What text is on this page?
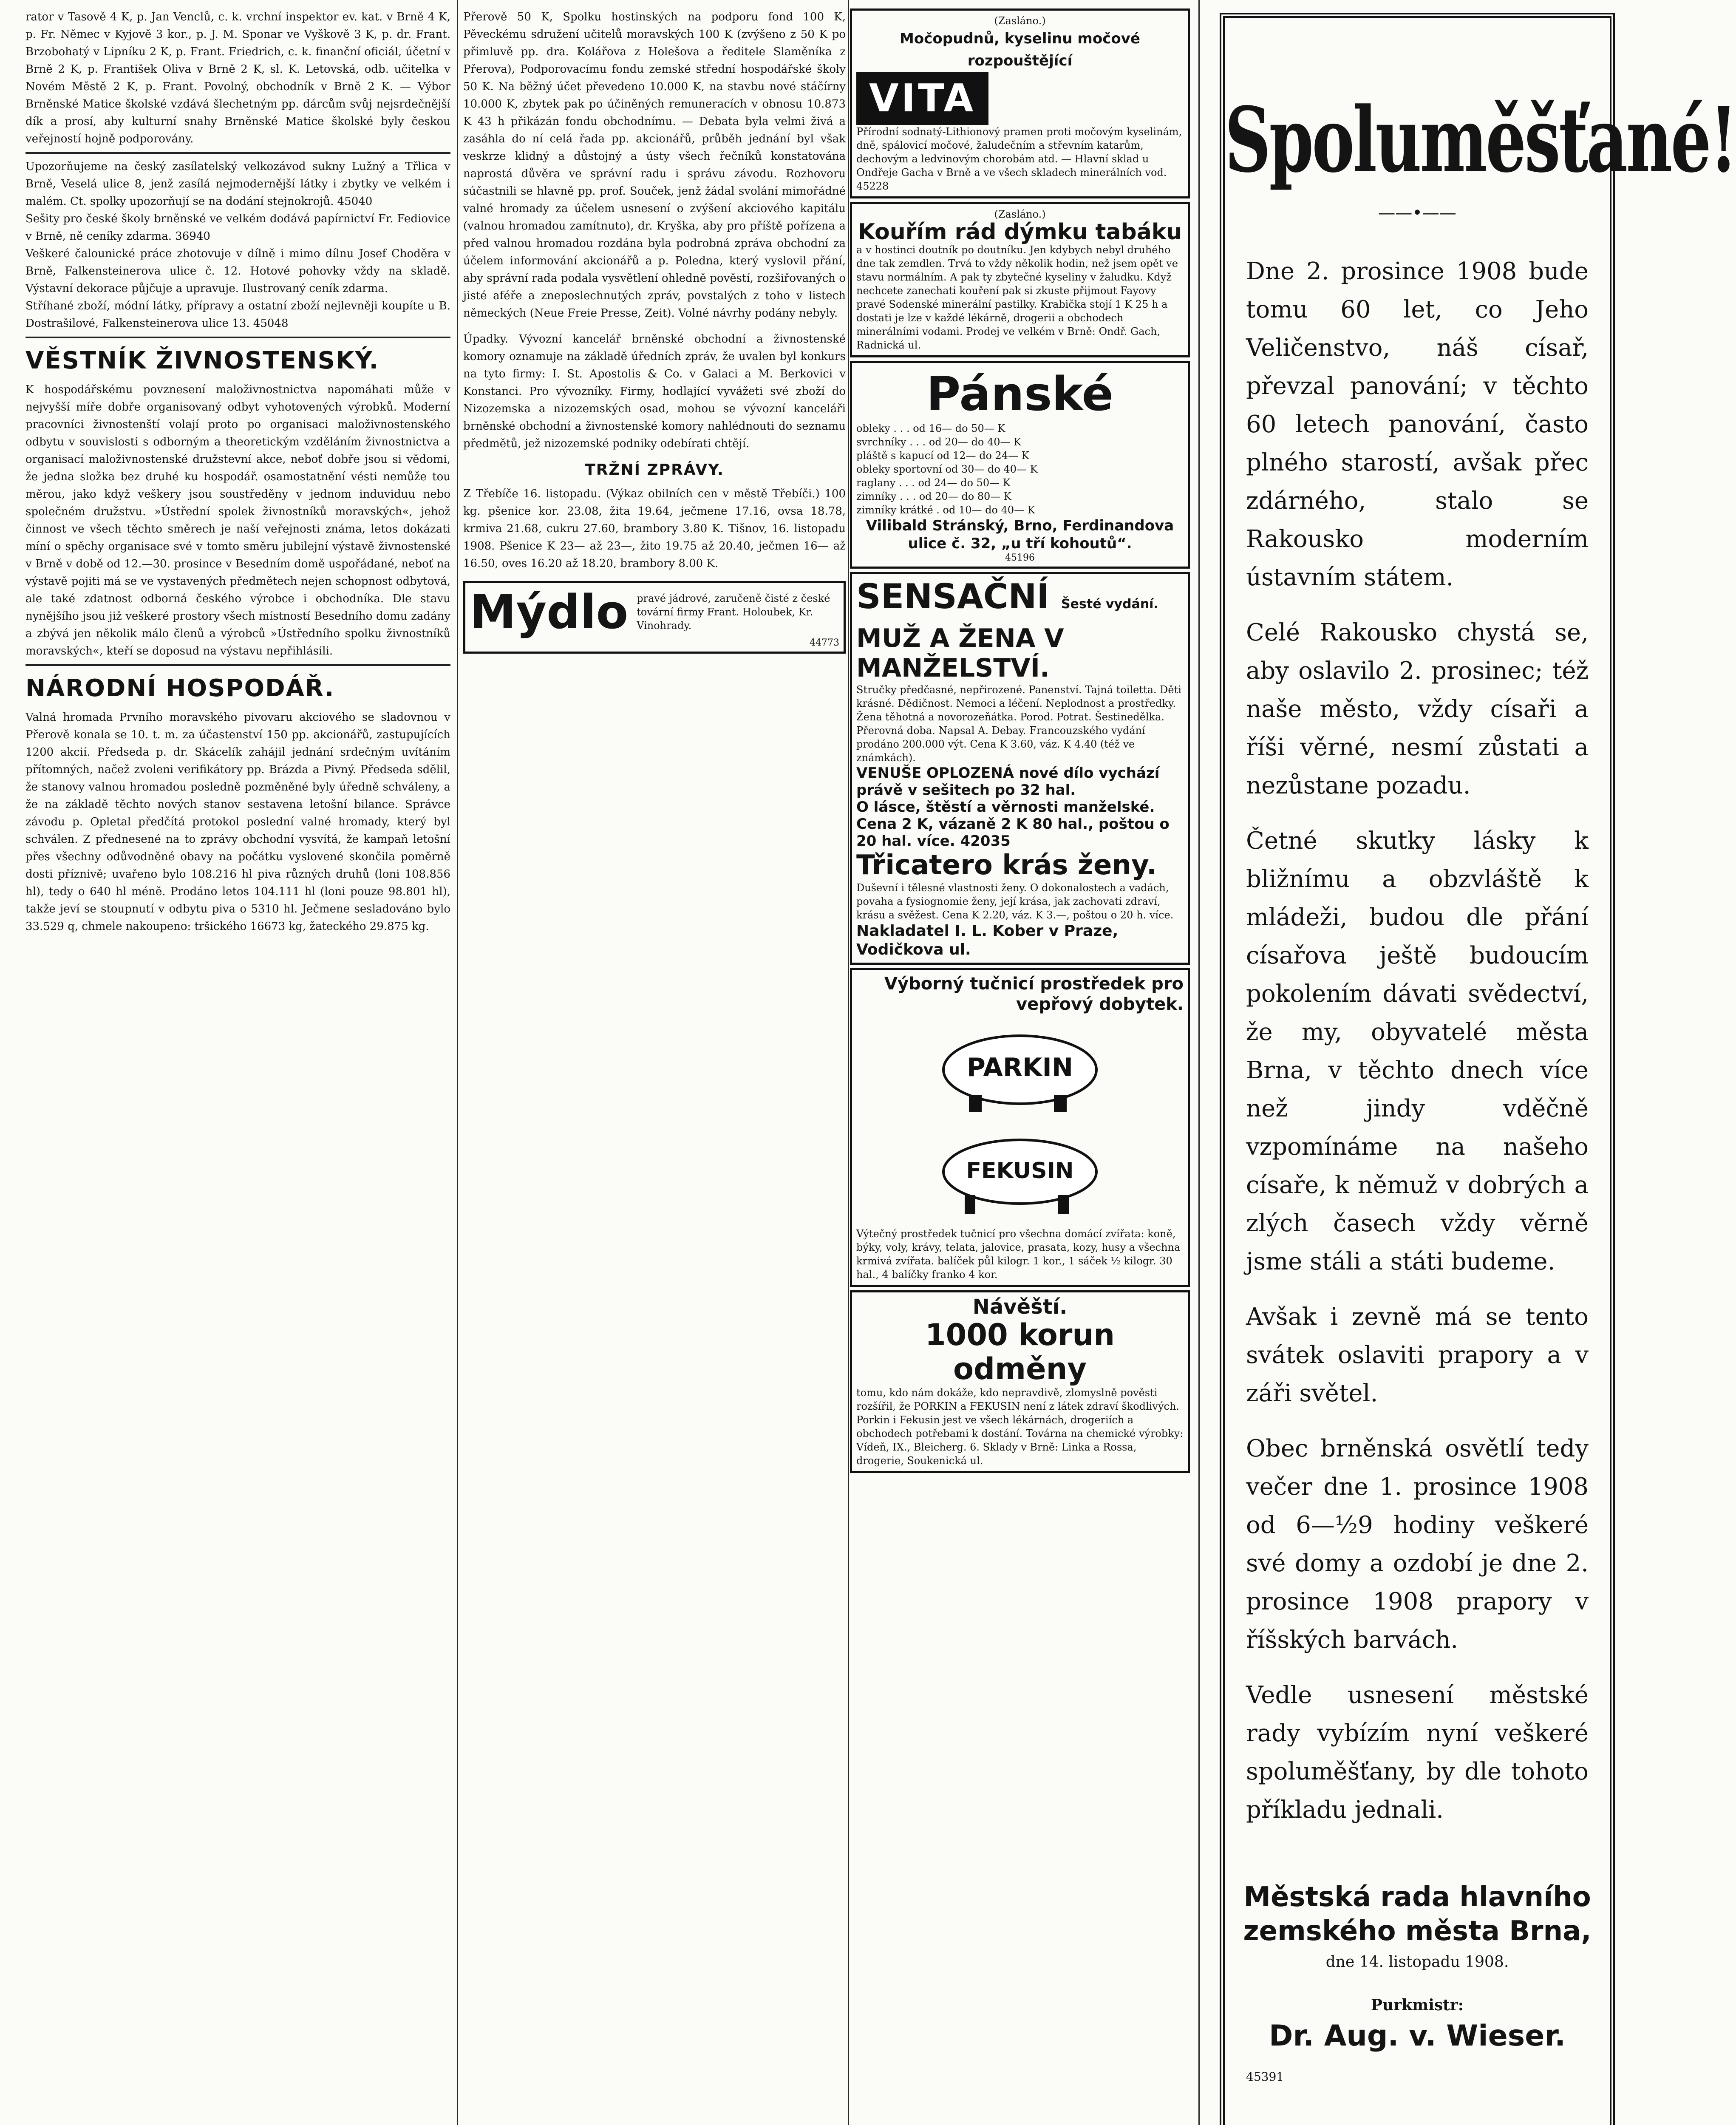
rator v Tasově 4 K, p. Jan Venclů, c. k. vrchní inspektor ev. kat. v Brně 4 K, p. Fr. Němec v Kyjově 3 kor., p. J. M. Sponar ve Vyškově 3 K, p. dr. Frant. Brzobohatý v Lipníku 2 K, p. Frant. Friedrich, c. k. finanční oficiál, účetní v Brně 2 K, p. František Oliva v Brně 2 K, sl. K. Letovská, odb. učitelka v Novém Městě 2 K, p. Frant. Povolný, obchodník v Brně 2 K. — Výbor Brněnské Matice školské vzdává šlechetným pp. dárcům svůj nejsrdečnější dík a prosí, aby kulturní snahy Brněnské Matice školské byly českou veřejností hojně podporovány.

Upozorňujeme na český zasílatelský velkozávod sukny Lužný a Třlica v Brně, Veselá ulice 8, jenž zasílá nejmodernější látky i zbytky ve velkém i malém. Ct. spolky upozorňují se na dodání stejnokrojů. 45040

Sešity pro české školy brněnské ve velkém dodává papírnictví Fr. Fediovice v Brně, ně ceníky zdarma. 36940

Veškeré čalounické práce zhotovuje v dílně i mimo dílnu Josef Choděra v Brně, Falkensteinerova ulice č. 12. Hotové pohovky vždy na skladě. Výstavní dekorace půjčuje a upravuje. Ilustrovaný ceník zdarma.

Stříhané zboží, módní látky, přípravy a ostatní zboží nejlevněji koupíte u B. Dostrašilové, Falkensteinerova ulice 13. 45048

VĚSTNÍK ŽIVNOSTENSKÝ.

K hospodářskému povznesení maloživnostnictva napomáhati může v nejvyšší míře dobře organisovaný odbyt vyhotovených výrobků. Moderní pracovníci živnostenští volají proto po organisaci maloživnostenského odbytu v souvislosti s odborným a theoretickým vzděláním živnostnictva a organisací maloživnostenské družstevní akce, neboť dobře jsou si vědomi, že jedna složka bez druhé ku hospodář. osamostatnění vésti nemůže tou měrou, jako když veškery jsou soustředěny v jednom induviduu nebo společném družstvu. »Ústřední spolek živnostníků moravských«, jehož činnost ve všech těchto směrech je naší veřejnosti známa, letos dokázati míní o spěchy organisace své v tomto směru jubilejní výstavě živnostenské v Brně v době od 12.—30. prosince v Besedním domě uspořádané, neboť na výstavě pojiti má se ve vystavených předmětech nejen schopnost odbytová, ale také zdatnost odborná českého výrobce i obchodníka. Dle stavu nynějšího jsou již veškeré prostory všech místností Besedního domu zadány a zbývá jen několik málo členů a výrobců »Ústředního spolku živnostníků moravských«, kteří se doposud na výstavu nepřihlásili.

NÁRODNÍ HOSPODÁŘ.

Valná hromada Prvního moravského pivovaru akciového se sladovnou v Přerově konala se 10. t. m. za účastenství 150 pp. akcionářů, zastupujících 1200 akcií. Předseda p. dr. Skácelík zahájil jednání srdečným uvítáním přítomných, načež zvoleni verifikátory pp. Brázda a Pivný. Předseda sdělil, že stanovy valnou hromadou posledně pozměněné byly úředně schváleny, a že na základě těchto nových stanov sestavena letošní bilance. Správce závodu p. Opletal předčítá protokol poslední valné hromady, který byl schválen. Z přednesené na to zprávy obchodní vysvítá, že kampaň letošní přes všechny odůvodněné obavy na počátku vyslovené skončila poměrně dosti příznivě; uvařeno bylo 108.216 hl piva různých druhů (loni 108.856 hl), tedy o 640 hl méně. Prodáno letos 104.111 hl (loni pouze 98.801 hl), takže jeví se stoupnutí v odbytu piva o 5310 hl. Ječmene sesladováno bylo 33.529 q, chmele nakoupeno: tršického 16673 kg, žateckého 29.875 kg.

Přerově 50 K, Spolku hostinských na podporu fond 100 K, Pěveckému sdružení učitelů moravských 100 K (zvýšeno z 50 K po přimluvě pp. dra. Kolářova z Holešova a ředitele Slaměníka z Přerova), Podporovacímu fondu zemské střední hospodářské školy 50 K. Na běžný účet převedeno 10.000 K, na stavbu nové stáčírny 10.000 K, zbytek pak po účiněných remuneracích v obnosu 10.873 K 43 h přikázán fondu obchodnímu. — Debata byla velmi živá a zasáhla do ní celá řada pp. akcionářů, průběh jednání byl však veskrze klidný a důstojný a ústy všech řečníků konstatována naprostá důvěra ve správní radu i správu závodu. Rozhovoru súčastnili se hlavně pp. prof. Souček, jenž žádal svolání mimořádné valné hromady za účelem usnesení o zvýšení akciového kapitálu (valnou hromadou zamítnuto), dr. Kryška, aby pro příště pořízena a před valnou hromadou rozdána byla podrobná zpráva obchodní za účelem informování akcionářů a p. Poledna, který vyslovil přání, aby správní rada podala vysvětlení ohledně pověstí, rozšiřovaných o jisté aféře a zneposlechnutých zpráv, povstalých z toho v listech německých (Neue Freie Presse, Zeit). Volné návrhy podány nebyly.

Úpadky. Vývozní kancelář brněnské obchodní a živnostenské komory oznamuje na základě úředních zpráv, že uvalen byl konkurs na tyto firmy: I. St. Apostolis & Co. v Galaci a M. Berkovici v Konstanci. Pro vývozníky. Firmy, hodlající vyvážeti své zboží do Nizozemska a nizozemských osad, mohou se vývozní kanceláři brněnské obchodní a živnostenské komory nahlédnouti do seznamu předmětů, jež nizozemské podniky odebírati chtějí.

TRŽNÍ ZPRÁVY.

Z Třebíče 16. listopadu. (Výkaz obilních cen v městě Třebíči.) 100 kg. pšenice kor. 23.08, žita 19.64, ječmene 17.16, ovsa 18.78, krmiva 21.68, cukru 27.60, brambory 3.80 K. Tišnov, 16. listopadu 1908. Pšenice K 23— až 23—, žito 19.75 až 20.40, ječmen 16— až 16.50, oves 16.20 až 18.20, brambory 8.00 K.

Mýdlo pravé jádrové, zaručeně čisté z české tovární firmy Frant. Holoubek, Kr. Vinohrady.

44773

(Zasláno.)

Močopudnů, kyselinu močové rozpouštějící

VITA

Přírodní sodnatý-Lithionový pramen proti močovým kyselinám, dně, spálovicí močové, žaludečním a střevním katarům, dechovým a ledvinovým chorobám atd. — Hlavní sklad u Ondřeje Gacha v Brně a ve všech skladech minerálních vod. 45228

(Zasláno.)

Kouřím rád dýmku tabáku

a v hostinci doutník po doutníku. Jen kdybych nebyl druhého dne tak zemdlen. Trvá to vždy několik hodin, než jsem opět ve stavu normálním. A pak ty zbytečné kyseliny v žaludku. Když nechcete zanechati kouření pak si zkuste přijmout Fayovy pravé Sodenské minerální pastilky. Krabička stojí 1 K 25 h a dostati je lze v každé lékárně, drogerii a obchodech minerálními vodami. Prodej ve velkém v Brně: Ondř. Gach, Radnická ul.

Pánské

obleky . . . od 16— do 50— K

svrchníky . . . od 20— do 40— K

pláště s kapucí od 12— do 24— K

obleky sportovní od 30— do 40— K

raglany . . . od 24— do 50— K

zimníky . . . od 20— do 80— K

zimníky krátké . od 10— do 40— K

Vilibald Stránský, Brno, Ferdinandova ulice č. 32, „u tří kohoutů“.

45196

SENSAČNÍ Šesté vydání.

MUŽ A ŽENA V MANŽELSTVÍ.

Stručky předčasné, nepřirozené. Panenství. Tajná toiletta. Děti krásné. Dědičnost. Nemoci a léčení. Neplodnost a prostředky. Žena těhotná a novorozeňátka. Porod. Potrat. Šestinedělka. Přerovná doba. Napsal A. Debay. Francouzského vydání prodáno 200.000 výt. Cena K 3.60, váz. K 4.40 (též ve známkách).

VENUŠE OPLOZENÁ nové dílo vychází právě v sešitech po 32 hal.

O lásce, štěstí a věrnosti manželské. Cena 2 K, vázaně 2 K 80 hal., poštou o 20 hal. více. 42035

Třicatero krás ženy.

Duševní i tělesné vlastnosti ženy. O dokonalostech a vadách, povaha a fysiognomie ženy, její krása, jak zachovati zdraví, krásu a svěžest. Cena K 2.20, váz. K 3.—, poštou o 20 h. více.

Nakladatel I. L. Kober v Praze, Vodičkova ul.

Výborný tučnicí prostředek pro vepřový dobytek.

PARKIN
FEKUSIN

Výtečný prostředek tučnicí pro všechna domácí zvířata: koně, býky, voly, krávy, telata, jalovice, prasata, kozy, husy a všechna krmivá zvířata. balíček půl kilogr. 1 kor., 1 sáček ½ kilogr. 30 hal., 4 balíčky franko 4 kor.

Návěští.

1000 korun odměny

tomu, kdo nám dokáže, kdo nepravdivě, zlomyslně pověsti rozšířil, že PORKIN a FEKUSIN není z látek zdraví škodlivých. Porkin i Fekusin jest ve všech lékárnách, drogeriích a obchodech potřebami k dostání. Továrna na chemické výrobky: Vídeň, IX., Bleicherg. 6. Sklady v Brně: Linka a Rossa, drogerie, Soukenická ul.

Spoluměšťané!
——•——

Dne 2. prosince 1908 bude tomu 60 let, co Jeho Veličenstvo, náš císař, převzal panování; v těchto 60 letech panování, často plného starostí, avšak přec zdárného, stalo se Rakousko moderním ústavním státem.

Celé Rakousko chystá se, aby oslavilo 2. prosinec; též naše město, vždy císaři a říši věrné, nesmí zůstati a nezůstane pozadu.

Četné skutky lásky k bližnímu a obzvláště k mládeži, budou dle přání císařova ještě budoucím pokolením dávati svědectví, že my, obyvatelé města Brna, v těchto dnech více než jindy vděčně vzpomínáme na našeho císaře, k němuž v dobrých a zlých časech vždy věrně jsme stáli a státi budeme.

Avšak i zevně má se tento svátek oslaviti prapory a v záři světel.

Obec brněnská osvětlí tedy večer dne 1. prosince 1908 od 6—½9 hodiny veškeré své domy a ozdobí je dne 2. prosince 1908 prapory v říšských barvách.

Vedle usnesení městské rady vybízím nyní veškeré spoluměšťany, by dle tohoto příkladu jednali.

Městská rada hlavního zemského města Brna,

dne 14. listopadu 1908.

Purkmistr:

Dr. Aug. v. Wieser.

45391
